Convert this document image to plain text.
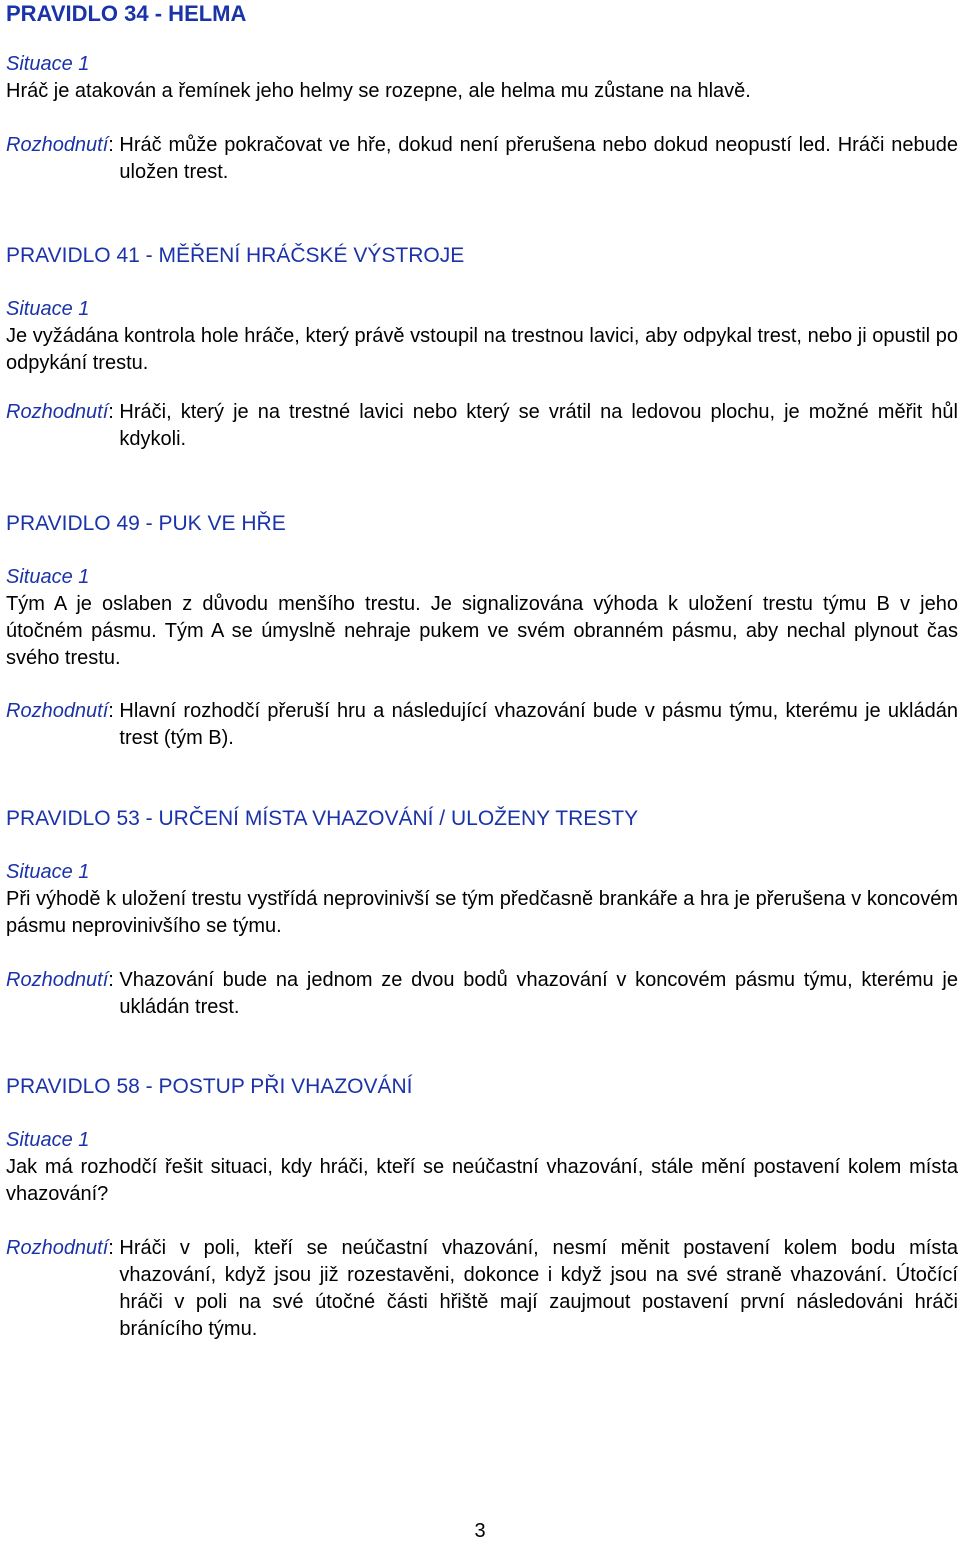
PRAVIDLO 34 - HELMA

Situace 1

Hráč je atakován a řemínek jeho helmy se rozepne, ale helma mu zůstane na hlavě.

Rozhodnutí: Hráč může pokračovat ve hře, dokud není přerušena nebo dokud neopustí led. Hráči nebude uložen trest.
PRAVIDLO 41 - MĚŘENÍ HRÁČSKÉ VÝSTROJE

Situace 1

Je vyžádána kontrola hole hráče, který právě vstoupil na trestnou lavici, aby odpykal trest, nebo ji opustil po odpykání trestu.

Rozhodnutí: Hráči, který je na trestné lavici nebo který se vrátil na ledovou plochu, je možné měřit hůl kdykoli.
PRAVIDLO 49 - PUK VE HŘE

Situace 1

Tým A je oslaben z důvodu menšího trestu. Je signalizována výhoda k uložení trestu týmu B v jeho útočném pásmu. Tým A se úmyslně nehraje pukem ve svém obranném pásmu, aby nechal plynout čas svého trestu.

Rozhodnutí: Hlavní rozhodčí přeruší hru a následující vhazování bude v pásmu týmu, kterému je ukládán trest (tým B).
PRAVIDLO 53 - URČENÍ MÍSTA VHAZOVÁNÍ / ULOŽENY TRESTY

Situace 1

Při výhodě k uložení trestu vystřídá neprovinivší se tým předčasně brankáře a hra je přerušena v koncovém pásmu neprovinivšího se týmu.

Rozhodnutí: Vhazování bude na jednom ze dvou bodů vhazování v koncovém pásmu týmu, kterému je ukládán trest.
PRAVIDLO 58 - POSTUP PŘI VHAZOVÁNÍ

Situace 1

Jak má rozhodčí řešit situaci, kdy hráči, kteří se neúčastní vhazování, stále mění postavení kolem místa vhazování?

Rozhodnutí: Hráči v poli, kteří se neúčastní vhazování, nesmí měnit postavení kolem bodu místa vhazování, když jsou již rozestavěni, dokonce i když jsou na své straně vhazování. Útočící hráči v poli na své útočné části hřiště mají zaujmout postavení první následováni hráči bránícího týmu.
3
